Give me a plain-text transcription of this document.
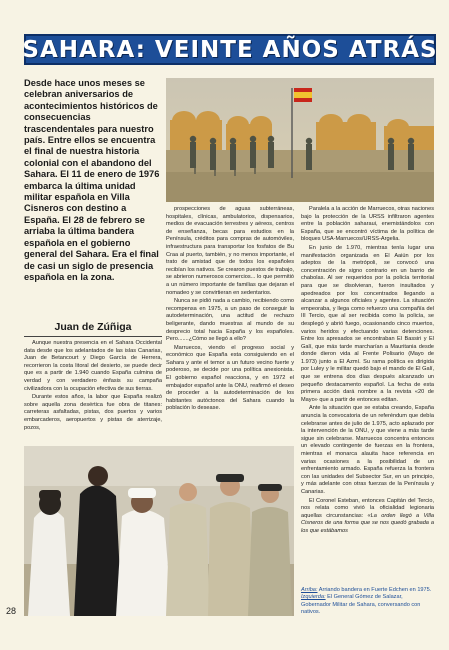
SAHARA: VEINTE AÑOS ATRÁS
Desde hace unos meses se celebran aniversarios de acontecimientos históricos de consecuencias trascendentales para nuestro país. Entre ellos se encuentra el final de nuestra historia colonial con el abandono del Sahara. El 11 de enero de 1976 embarca la última unidad militar española en Villa Cisneros con destino a España. El 28 de febrero se arriaba la última bandera española en el gobierno general del Sahara. Era el final de casi un siglo de presencia española en la zona.
Juan de Zúñiga

Aunque nuestra presencia en el Sahara Occidental data desde que los adelantados de las islas Canarias, Juan de Betancourt y Diego García de Herrera, recorrieron la costa litoral del desierto, se puede decir que es a partir de 1.940 cuando España culmina de verdad y con verdadero énfasis su campaña civilizadora con la ocupación efectiva de sus tierras.

Durante estos años, la labor que España realizó sobre aquella zona desértica fue obra de titanes: carreteras asfaltadas, pistas, dos puertos y varios embarcaderos, aeropuertos y pistas de aterrizaje, pozos,

prospecciones de aguas subterráneas, hospitales, clínicas, ambulatorios, dispensarios, medios de evacuación terrestres y aéreos, centros de enseñanza, becas para estudios en la Península, créditos para compras de automóviles, infraestructura para transportar los fosfatos de Bu Craa al puerto, también, y no menos importante, el trato de amistad que de todos los españoles recibían los nativos. Se crearon puestos de trabajo, se abrieron numerosos comercios... lo que permitió a un número importante de familias que dejaran el nomadeo y se convirtieran en sedentarios.

Nunca se pidió nada a cambio, recibiendo como recompensa en 1975, a un paso de conseguir la autodeterminación, una actitud de rechazo beligerante, dando muestras al mundo de su desprecio total hacia España y los españoles. Pero.......¿Cómo se llegó a ello?

Marruecos, viendo el progreso social y económico que España esta consiguiendo en el Sahara y ante el temor a un futuro vecino fuerte y poderoso, se decide por una política anexionista. El gobierno español reacciona, y en 1972 el embajador español ante la ONU, reafirmó el deseo de proceder a la autodeterminación de los habitantes autóctonos del Sahara cuando la población lo desease.

Paralela a la acción de Marruecos, otras naciones bajo la protección de la URSS infiltraron agentes entre la población saharaui, enemistándolos con España, que se encontró víctima de la política de bloques USA-Marruecos/URSS-Argelia.

En junio de 1.970, mientras tenía lugar una manifestación organizada en El Aaiún por los adeptos de la metrópoli, se convocó una concentración de signo contrario en un barrio de chabolas. Al ser requeridos por la policía territorial para que se disolvieran, fueron insultados y apedreados por los concentrados llegando a alcanzar a algunos oficiales y agentes. La situación empeoraba, y llega como refuerzo una compañía del III Tercio, que al ser recibida como la policía, se desplegó y abrió fuego, ocasionando cinco muertos, varios heridos y efectuando varias detenciones. Entre los apresados se encontraban El Bassiri y El Galí, que más tarde marcharían a Mauritania desde donde dieron vida al Frente Polisario (Mayo de 1.973) junto a El Azmí. Su rama política es dirigida por Luley y le militar quedó bajo el mando de El Galí, que se entrena dos días después alcanzado un pequeño destacamento español. La fecha de esta primera acción dará nombre a la revista «20 de Mayo» que a partir de entonces editan.

Ante la situación que se estaba creando, España anuncia la convocatoria de un referéndum que debía celebrarse antes de julio de 1.975, acto aplazado por la intervención de la ONU, y que viene a más tarde sigue sin celebrarse. Marruecos concentra entonces un elevado contingente de fuerzas en la frontera, mientras el monarca alauita hace referencia en varias ocasiones a la posibilidad de un enfrentamiento armado. España refuerza la frontera con las unidades del Subsector Sur, en un principio, y más adelante con otras fuerzas de la Península y Canarias.

El Coronel Esteban, entonces Capitán del Tercio, nos relata como vivió la oficialidad legionaria aquellas circunstancias: «La orden llegó a Villa Cisneros de una forma que se nos quedó grabada a los que estábamos

Arriba: Arriando bandera en Fuerte Edchen en 1975.
Izquierda: El General Gómez de Salazar, Gobernador Militar de Sahara, conversando con nativos.
28
